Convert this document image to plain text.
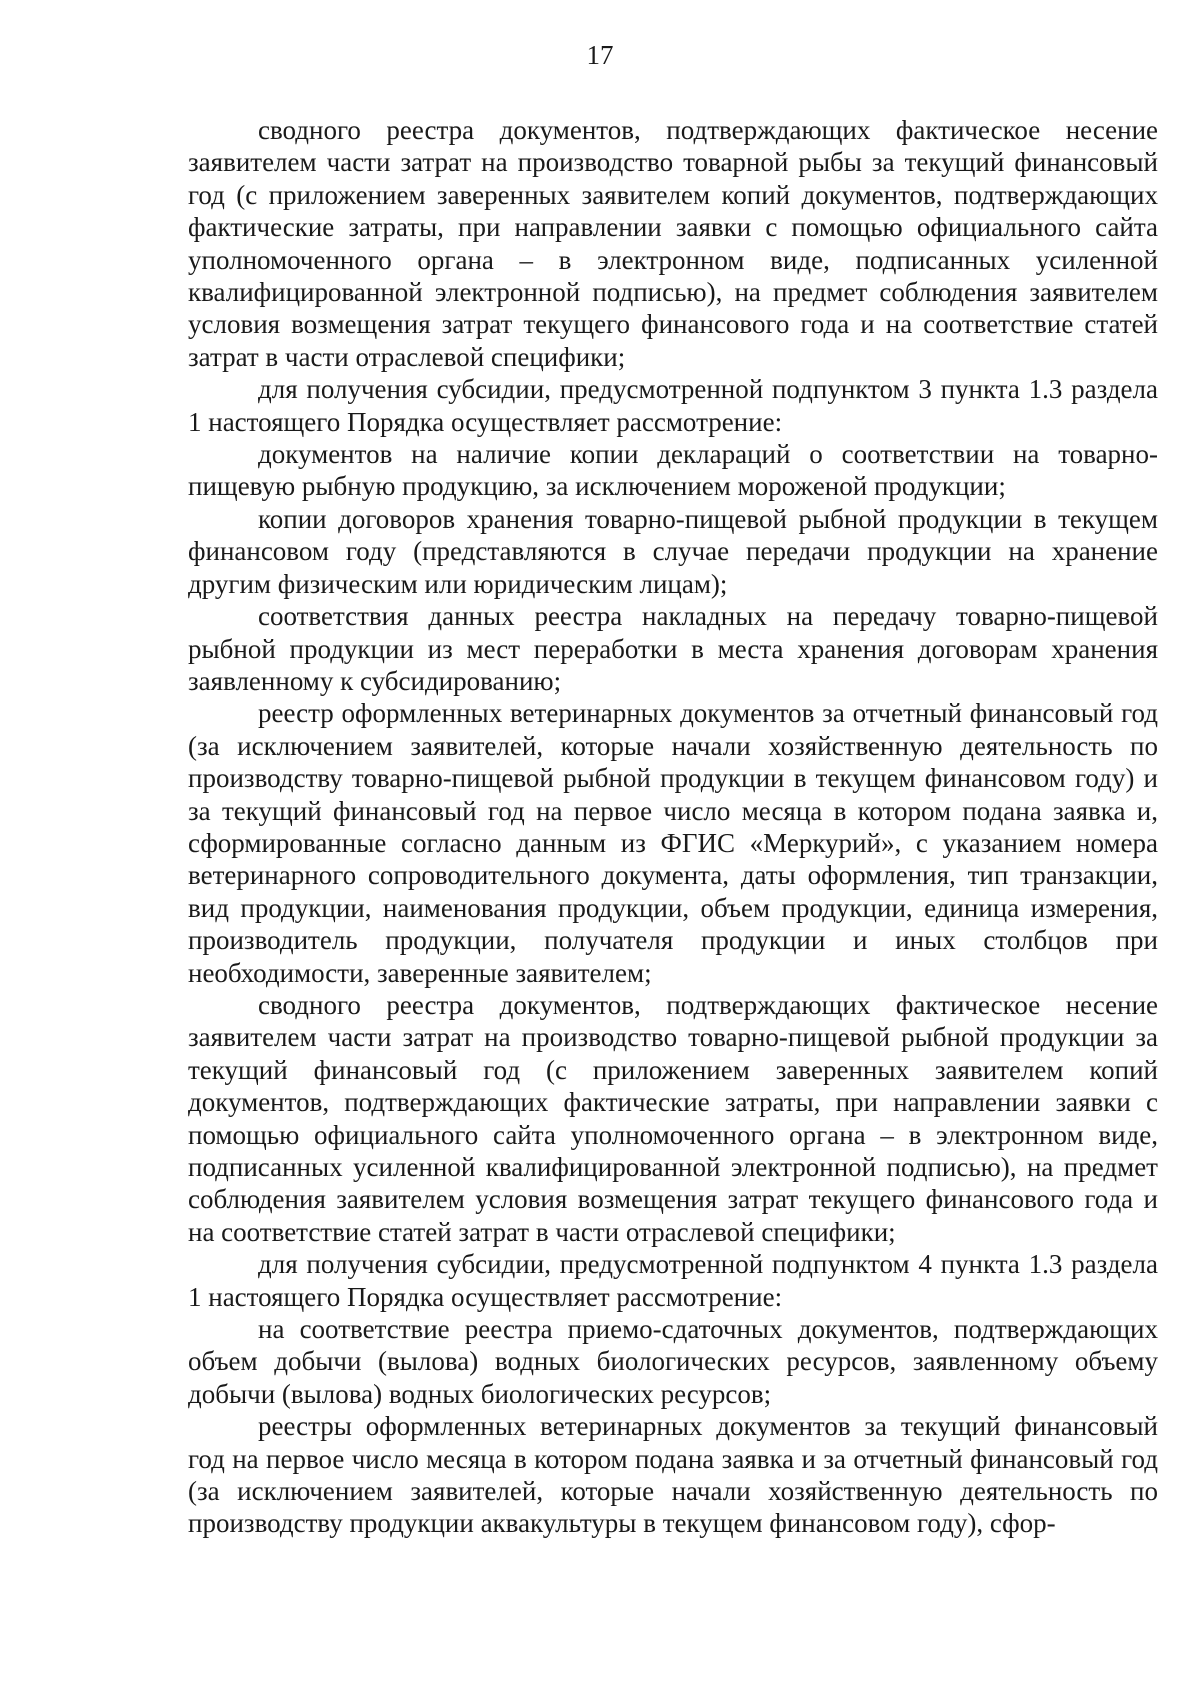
17

сводного реестра документов, подтверждающих фактическое несение заявителем части затрат на производство товарной рыбы за текущий финансовый год (с приложением заверенных заявителем копий документов, подтверждающих фактические затраты, при направлении заявки с помощью официального сайта уполномоченного органа – в электронном виде, подписанных усиленной квалифицированной электронной подписью), на предмет соблюдения заявителем условия возмещения затрат текущего финансового года и на соответствие статей затрат в части отраслевой специфики;

для получения субсидии, предусмотренной подпунктом 3 пункта 1.3 раздела 1 настоящего Порядка осуществляет рассмотрение:

документов на наличие копии деклараций о соответствии на товарно-пищевую рыбную продукцию, за исключением мороженой продукции;

копии договоров хранения товарно-пищевой рыбной продукции в текущем финансовом году (представляются в случае передачи продукции на хранение другим физическим или юридическим лицам);

соответствия данных реестра накладных на передачу товарно-пищевой рыбной продукции из мест переработки в места хранения договорам хранения заявленному к субсидированию;

реестр оформленных ветеринарных документов за отчетный финансовый год (за исключением заявителей, которые начали хозяйственную деятельность по производству товарно-пищевой рыбной продукции в текущем финансовом году) и за текущий финансовый год на первое число месяца в котором подана заявка и, сформированные согласно данным из ФГИС «Меркурий», с указанием номера ветеринарного сопроводительного документа, даты оформления, тип транзакции, вид продукции, наименования продукции, объем продукции, единица измерения, производитель продукции, получателя продукции и иных столбцов при необходимости, заверенные заявителем;

сводного реестра документов, подтверждающих фактическое несение заявителем части затрат на производство товарно-пищевой рыбной продукции за текущий финансовый год (с приложением заверенных заявителем копий документов, подтверждающих фактические затраты, при направлении заявки с помощью официального сайта уполномоченного органа – в электронном виде, подписанных усиленной квалифицированной электронной подписью), на предмет соблюдения заявителем условия возмещения затрат текущего финансового года и на соответствие статей затрат в части отраслевой специфики;

для получения субсидии, предусмотренной подпунктом 4 пункта 1.3 раздела 1 настоящего Порядка осуществляет рассмотрение:

на соответствие реестра приемо-сдаточных документов, подтверждающих объем добычи (вылова) водных биологических ресурсов, заявленному объему добычи (вылова) водных биологических ресурсов;

реестры оформленных ветеринарных документов за текущий финансовый год на первое число месяца в котором подана заявка и за отчетный финансовый год (за исключением заявителей, которые начали хозяйственную деятельность по производству продукции аквакультуры в текущем финансовом году), сфор-
